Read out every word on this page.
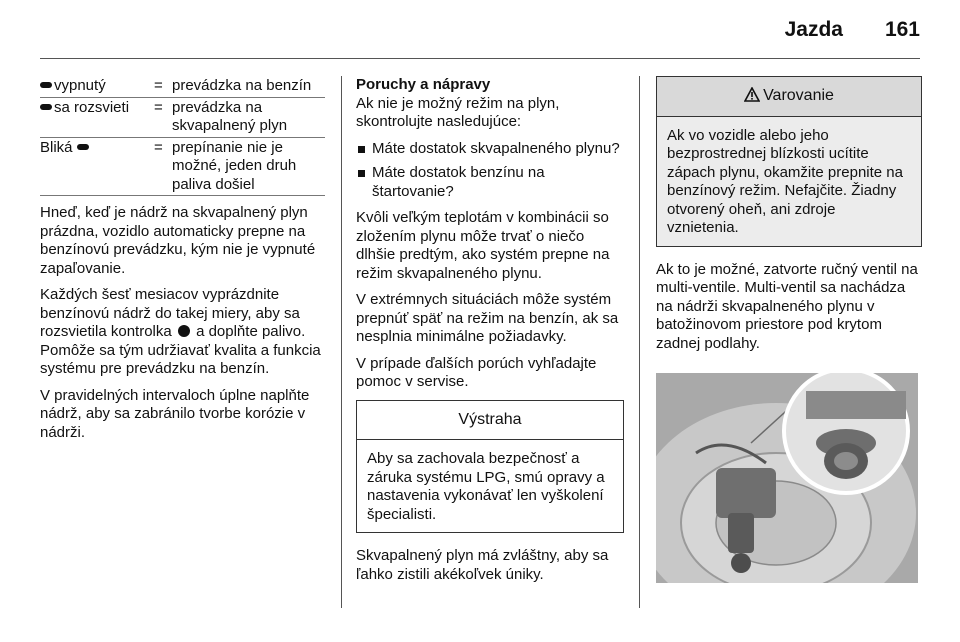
Jazda 161
vypnutý	= prevádzka na benzín
sa rozsvieti	= prevádzka na skvapalnený plyn
Bliká	= prepínanie nie je možné, jeden druh paliva došiel

Hneď, keď je nádrž na skvapalnený plyn prázdna, vozidlo automaticky prepne na benzínovú prevádzku, kým nie je vypnuté zapaľovanie.

Každých šesť mesiacov vyprázdnite benzínovú nádrž do takej miery, aby sa rozsvietila kontrolka a doplňte palivo. Pomôže sa tým udržiavať kvalita a funkcia systému pre prevádzku na benzín.

V pravidelných intervaloch úplne naplňte nádrž, aby sa zabránilo tvorbe korózie v nádrži.

Poruchy a nápravy

Ak nie je možný režim na plyn, skontrolujte nasledujúce:

Máte dostatok skvapalneného plynu?
Máte dostatok benzínu na štartovanie?

Kvôli veľkým teplotám v kombinácii so zložením plynu môže trvať o niečo dlhšie predtým, ako systém prepne na režim skvapalneného plynu.

V extrémnych situáciách môže systém prepnúť späť na režim na benzín, ak sa nesplnia minimálne požiadavky.

V prípade ďalších porúch vyhľadajte pomoc v servise.

Výstraha
Aby sa zachovala bezpečnosť a záruka systému LPG, smú opravy a nastavenia vykonávať len vyškolení špecialisti.

Skvapalnený plyn má zvláštny, aby sa ľahko zistili akékoľvek úniky.

Varovanie
Ak vo vozidle alebo jeho bezprostrednej blízkosti ucítite zápach plynu, okamžite prepnite na benzínový režim. Nefajčite. Žiadny otvorený oheň, ani zdroje vznietenia.

Ak to je možné, zatvorte ručný ventil na multi-ventile. Multi-ventil sa nachádza na nádrži skvapalneného plynu v batožinovom priestore pod krytom zadnej podlahy.
